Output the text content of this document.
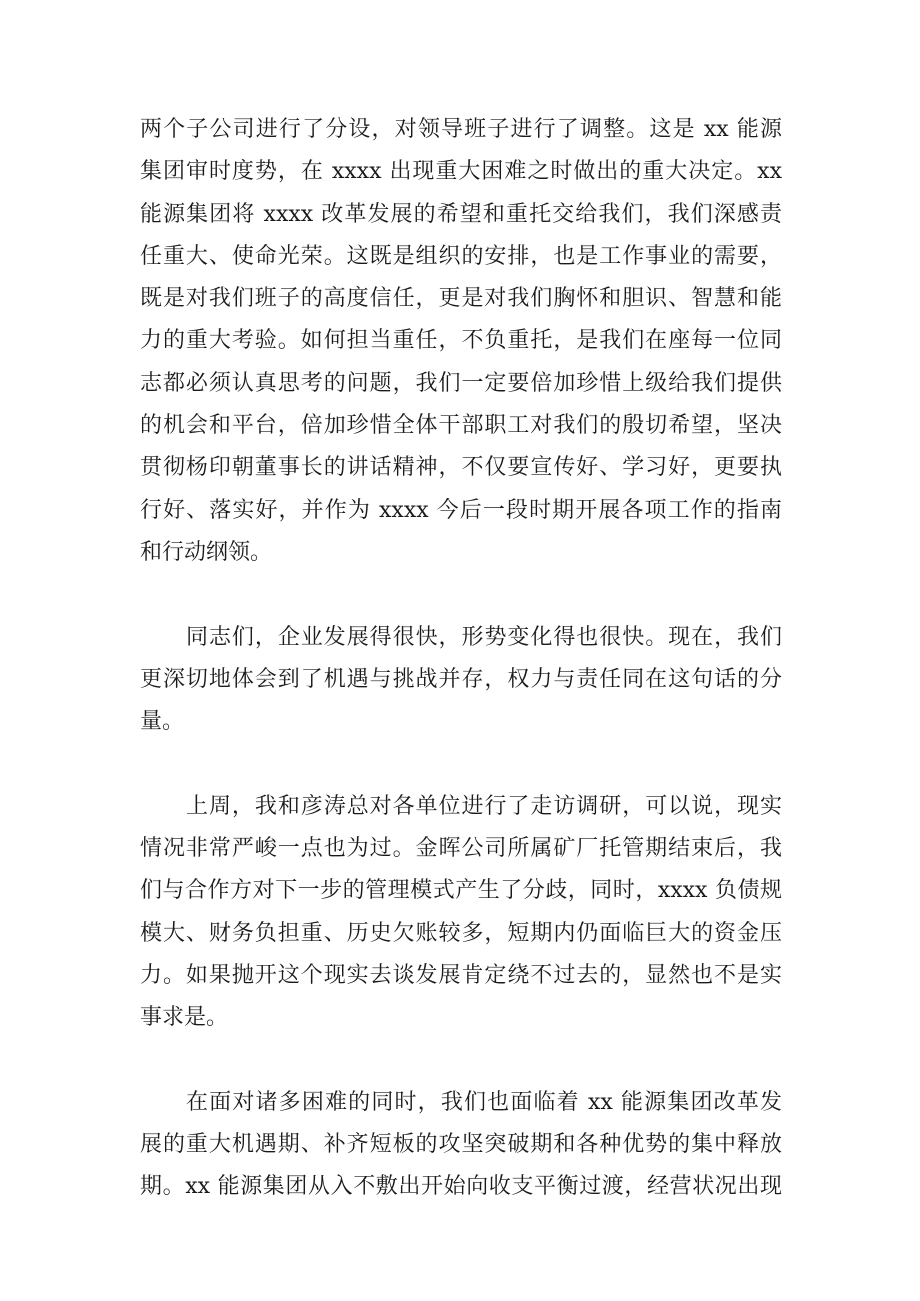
两个子公司进行了分设，对领导班子进行了调整。这是 xx 能源
集团审时度势，在 xxxx 出现重大困难之时做出的重大决定。xx
能源集团将 xxxx 改革发展的希望和重托交给我们，我们深感责
任重大、使命光荣。这既是组织的安排，也是工作事业的需要，
既是对我们班子的高度信任，更是对我们胸怀和胆识、智慧和能
力的重大考验。如何担当重任，不负重托，是我们在座每一位同
志都必须认真思考的问题，我们一定要倍加珍惜上级给我们提供
的机会和平台，倍加珍惜全体干部职工对我们的殷切希望，坚决
贯彻杨印朝董事长的讲话精神，不仅要宣传好、学习好，更要执
行好、落实好，并作为 xxxx 今后一段时期开展各项工作的指南
和行动纲领。
同志们，企业发展得很快，形势变化得也很快。现在，我们
更深切地体会到了机遇与挑战并存，权力与责任同在这句话的分
量。
上周，我和彦涛总对各单位进行了走访调研，可以说，现实
情况非常严峻一点也为过。金晖公司所属矿厂托管期结束后，我
们与合作方对下一步的管理模式产生了分歧，同时，xxxx 负债规
模大、财务负担重、历史欠账较多，短期内仍面临巨大的资金压
力。如果抛开这个现实去谈发展肯定绕不过去的，显然也不是实
事求是。
在面对诸多困难的同时，我们也面临着 xx 能源集团改革发
展的重大机遇期、补齐短板的攻坚突破期和各种优势的集中释放
期。xx 能源集团从入不敷出开始向收支平衡过渡，经营状况出现
